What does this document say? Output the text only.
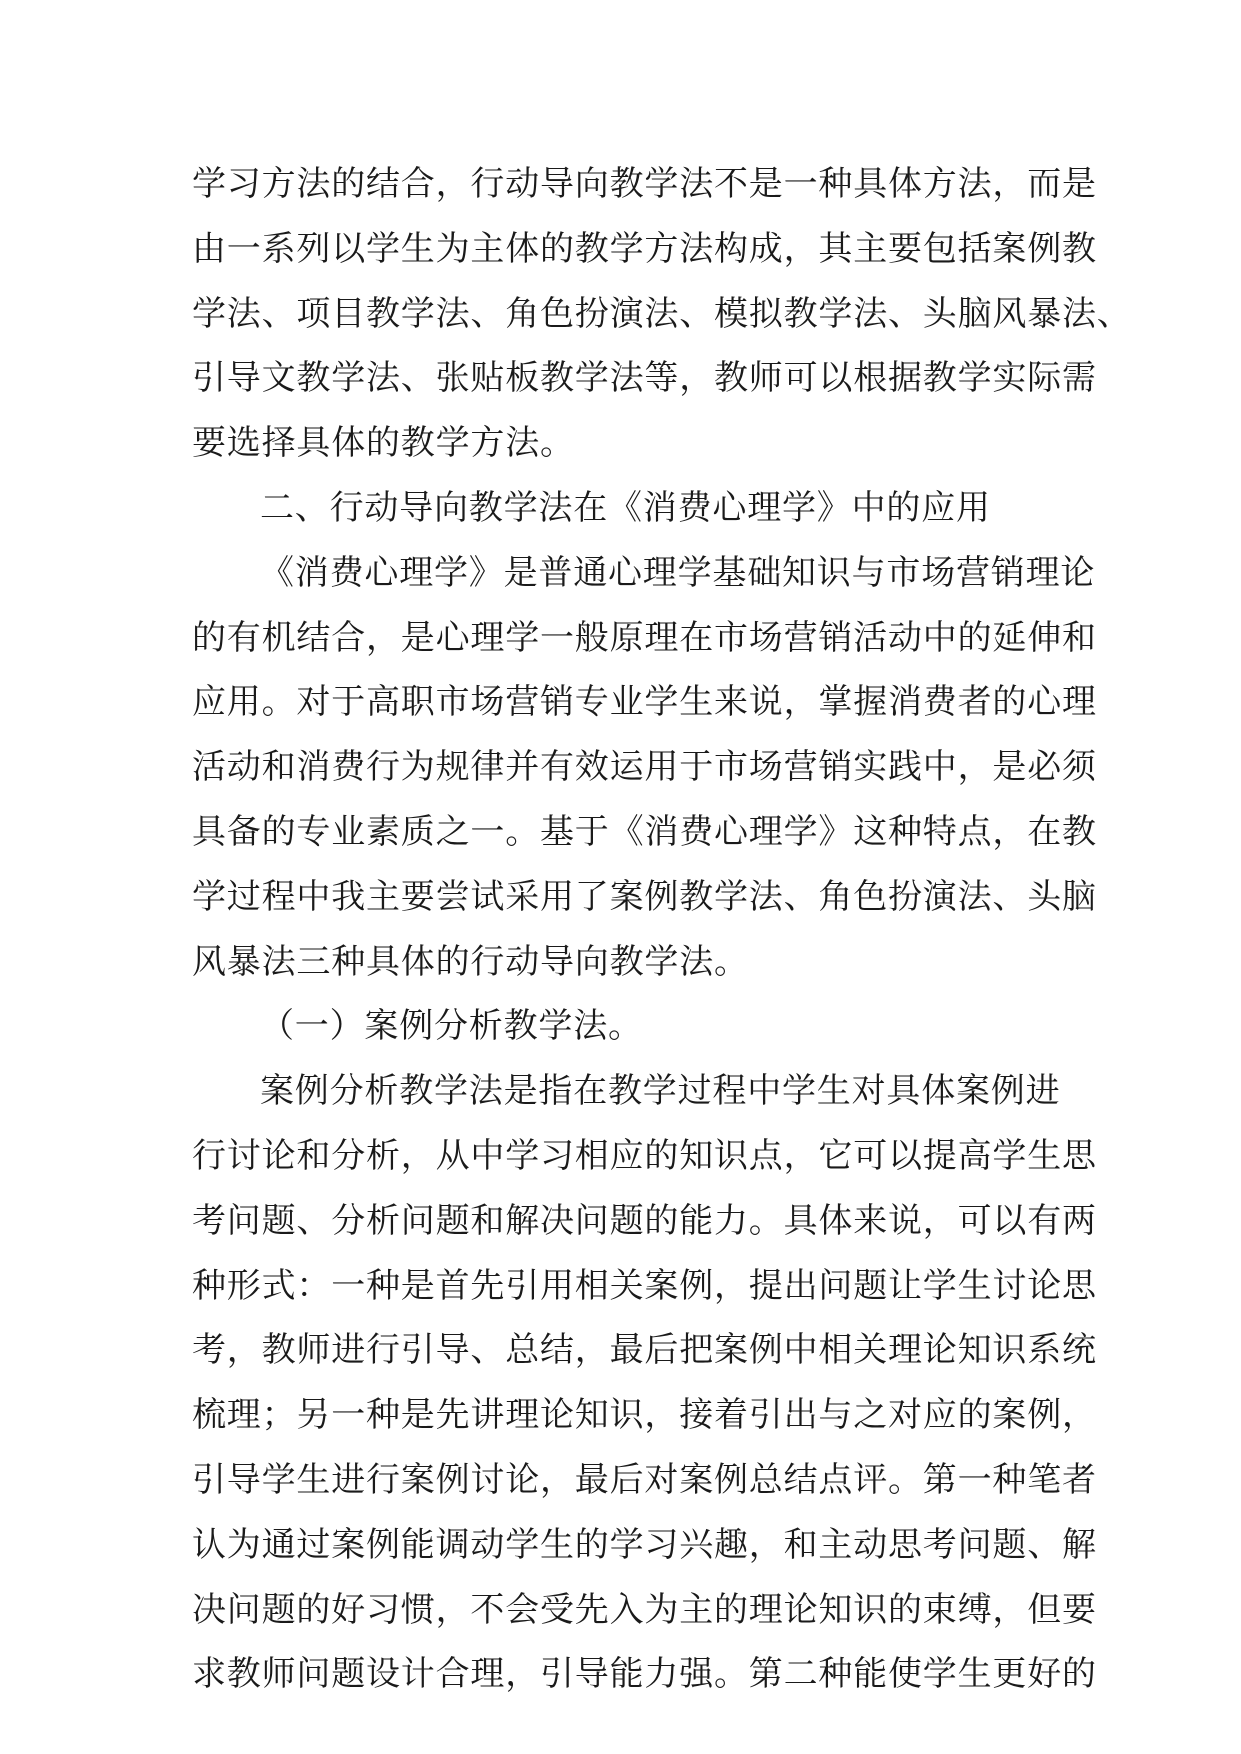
学习方法的结合，行动导向教学法不是一种具体方法，而是
由一系列以学生为主体的教学方法构成，其主要包括案例教
学法、项目教学法、角色扮演法、模拟教学法、头脑风暴法、
引导文教学法、张贴板教学法等，教师可以根据教学实际需
要选择具体的教学方法。
二、行动导向教学法在《消费心理学》中的应用
《消费心理学》是普通心理学基础知识与市场营销理论
的有机结合，是心理学一般原理在市场营销活动中的延伸和
应用。对于高职市场营销专业学生来说，掌握消费者的心理
活动和消费行为规律并有效运用于市场营销实践中，是必须
具备的专业素质之一。基于《消费心理学》这种特点，在教
学过程中我主要尝试采用了案例教学法、角色扮演法、头脑
风暴法三种具体的行动导向教学法。
（一）案例分析教学法。
案例分析教学法是指在教学过程中学生对具体案例进
行讨论和分析，从中学习相应的知识点，它可以提高学生思
考问题、分析问题和解决问题的能力。具体来说，可以有两
种形式：一种是首先引用相关案例，提出问题让学生讨论思
考，教师进行引导、总结，最后把案例中相关理论知识系统
梳理；另一种是先讲理论知识，接着引出与之对应的案例，
引导学生进行案例讨论，最后对案例总结点评。第一种笔者
认为通过案例能调动学生的学习兴趣，和主动思考问题、解
决问题的好习惯，不会受先入为主的理论知识的束缚，但要
求教师问题设计合理，引导能力强。第二种能使学生更好的
